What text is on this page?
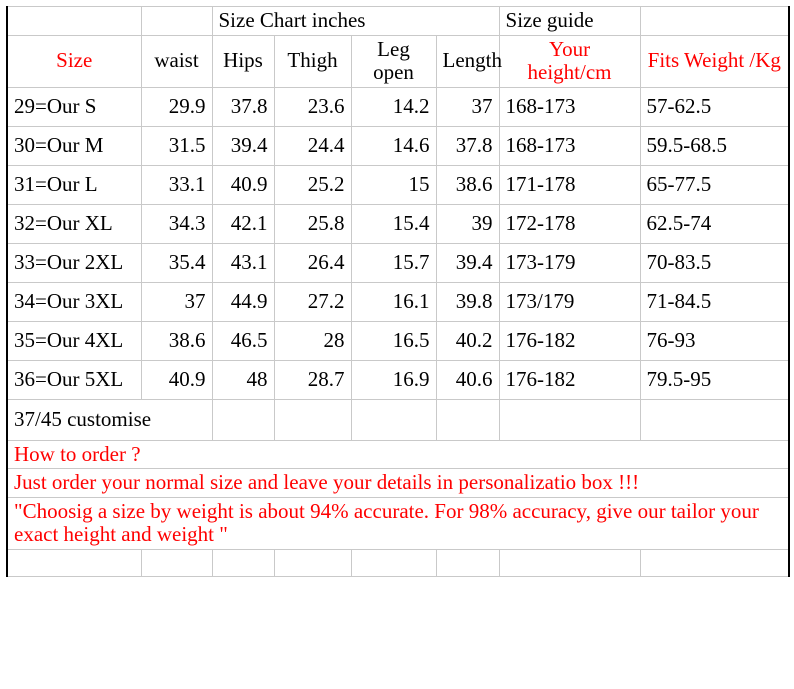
		Size Chart inches				Size guide	
Size	waist	Hips	Thigh	Leg open	Length	Your height/cm	Fits Weight /Kg
29=Our S	29.9	37.8	23.6	14.2	37	168-173	57-62.5
30=Our M	31.5	39.4	24.4	14.6	37.8	168-173	59.5-68.5
31=Our L	33.1	40.9	25.2	15	38.6	171-178	65-77.5
32=Our XL	34.3	42.1	25.8	15.4	39	172-178	62.5-74
33=Our 2XL	35.4	43.1	26.4	15.7	39.4	173-179	70-83.5
34=Our 3XL	37	44.9	27.2	16.1	39.8	173/179	71-84.5
35=Our 4XL	38.6	46.5	28	16.5	40.2	176-182	76-93
36=Our 5XL	40.9	48	28.7	16.9	40.6	176-182	79.5-95
37/45 customise							
How to order ?							
Just order your normal size and leave your details in personalizatio box !!!							
"Choosig a size by weight is about 94% accurate. For 98% accuracy, give our tailor your exact height and weight "							
